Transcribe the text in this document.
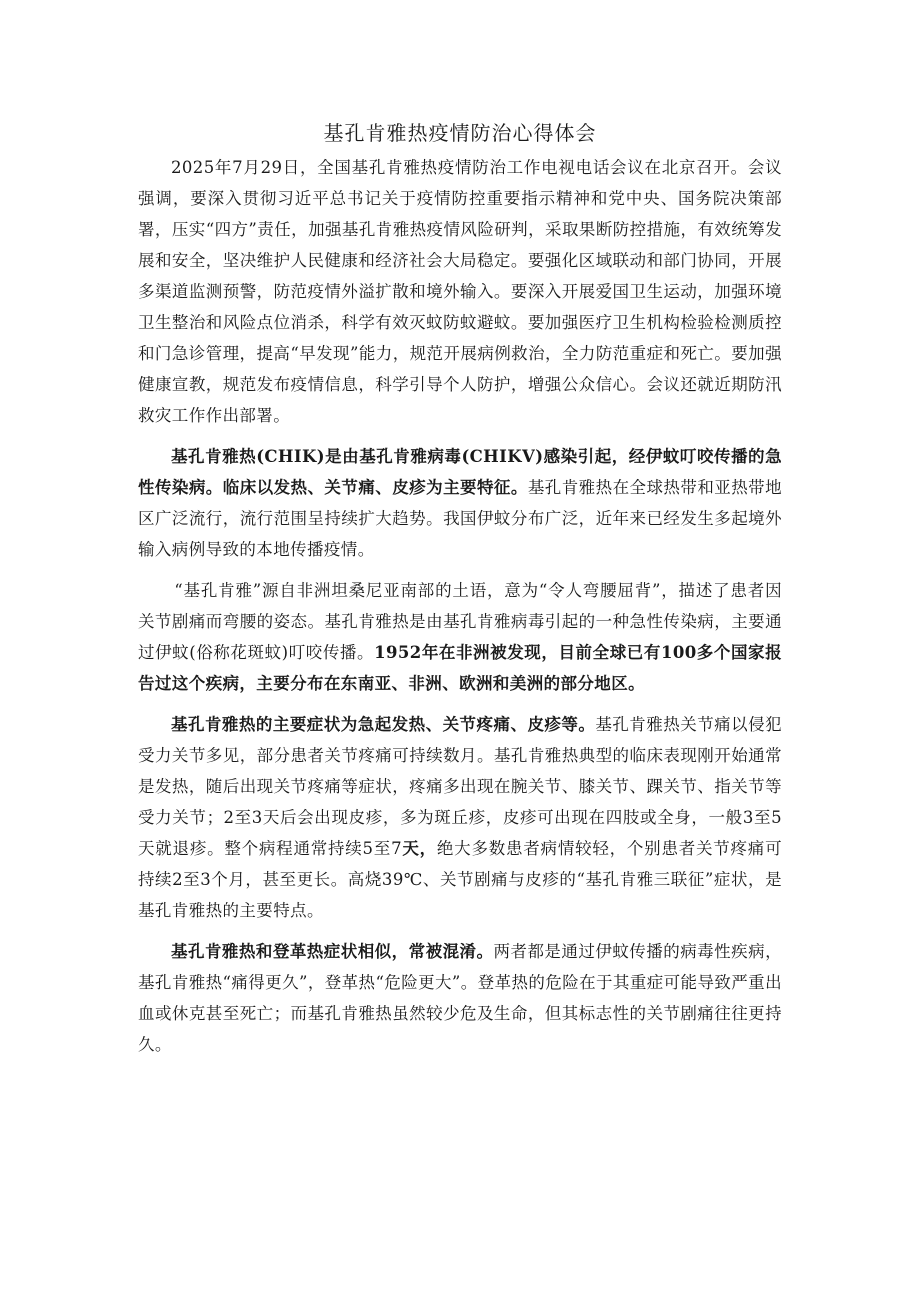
基孔肯雅热疫情防治心得体会

2025年7月29日，全国基孔肯雅热疫情防治工作电视电话会议在北京召开。会议强调，要深入贯彻习近平总书记关于疫情防控重要指示精神和党中央、国务院决策部署，压实“四方”责任，加强基孔肯雅热疫情风险研判，采取果断防控措施，有效统筹发展和安全，坚决维护人民健康和经济社会大局稳定。要强化区域联动和部门协同，开展多渠道监测预警，防范疫情外溢扩散和境外输入。要深入开展爱国卫生运动，加强环境卫生整治和风险点位消杀，科学有效灭蚊防蚊避蚊。要加强医疗卫生机构检验检测质控和门急诊管理，提高“早发现”能力，规范开展病例救治，全力防范重症和死亡。要加强健康宣教，规范发布疫情信息，科学引导个人防护，增强公众信心。会议还就近期防汛救灾工作作出部署。

基孔肯雅热(CHIK)是由基孔肯雅病毒(CHIKV)感染引起，经伊蚊叮咬传播的急性传染病。临床以发热、关节痛、皮疹为主要特征。基孔肯雅热在全球热带和亚热带地区广泛流行，流行范围呈持续扩大趋势。我国伊蚊分布广泛，近年来已经发生多起境外输入病例导致的本地传播疫情。

“基孔肯雅”源自非洲坦桑尼亚南部的土语，意为“令人弯腰屈背”，描述了患者因关节剧痛而弯腰的姿态。基孔肯雅热是由基孔肯雅病毒引起的一种急性传染病，主要通过伊蚊(俗称花斑蚊)叮咬传播。1952年在非洲被发现，目前全球已有100多个国家报告过这个疾病，主要分布在东南亚、非洲、欧洲和美洲的部分地区。

基孔肯雅热的主要症状为急起发热、关节疼痛、皮疹等。基孔肯雅热关节痛以侵犯受力关节多见，部分患者关节疼痛可持续数月。基孔肯雅热典型的临床表现刚开始通常是发热，随后出现关节疼痛等症状，疼痛多出现在腕关节、膝关节、踝关节、指关节等受力关节；2至3天后会出现皮疹，多为斑丘疹，皮疹可出现在四肢或全身，一般3至5天就退疹。整个病程通常持续5至7天，绝大多数患者病情较轻，个别患者关节疼痛可持续2至3个月，甚至更长。高烧39℃、关节剧痛与皮疹的“基孔肯雅三联征”症状，是基孔肯雅热的主要特点。

基孔肯雅热和登革热症状相似，常被混淆。两者都是通过伊蚊传播的病毒性疾病，基孔肯雅热“痛得更久”，登革热“危险更大”。登革热的危险在于其重症可能导致严重出血或休克甚至死亡；而基孔肯雅热虽然较少危及生命，但其标志性的关节剧痛往往更持久。
